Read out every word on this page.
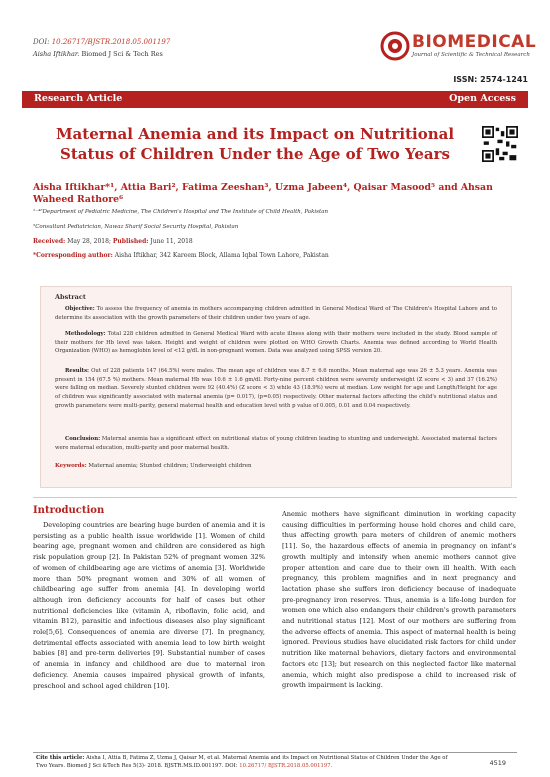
DOI: 10.26717/BJSTR.2018.05.001197
Aisha Iftikhar. Biomed J Sci & Tech Res
BIOMEDICAL
Journal of Scientific & Technical Research
ISSN: 2574-1241
Research Article	Open Access
Maternal Anemia and its Impact on Nutritional Status of Children Under the Age of Two Years
Aisha Iftikhar*¹, Attia Bari², Fatima Zeeshan³, Uzma Jabeen⁴, Qaisar Masood⁵ and Ahsan Waheed Rathore⁶
¹⁻⁴⁶Department of Pediatric Medicine, The Children's Hospital and The Institute of Child Health, Pakistan
⁵Consultant Pediatrician, Nawaz Sharif Social Security Hospital, Pakistan
Received: May 28, 2018; Published: June 11, 2018
*Corresponding author: Aisha Iftikhar, 342 Kareem Block, Allama Iqbal Town Lahore, Pakistan
Abstract
Objective: To assess the frequency of anemia in mothers accompanying children admitted in General Medical Ward of The Children's Hospital Lahore and to determine its association with the growth parameters of their children under two years of age.
Methodology: Total 228 children admitted in General Medical Ward with acute illness along with their mothers were included in the study. Blood sample of their mothers for Hb level was taken. Height and weight of children were plotted on WHO Growth Charts. Anemia was defined according to World Health Organization (WHO) as hemoglobin level of <12 g/dL in non-pregnant women. Data was analyzed using SPSS version 20.
Results: Out of 228 patients 147 (64.5%) were males. The mean age of children was 8.7 ± 6.6 months. Mean maternal age was 26 ± 5.3 years. Anemia was present in 154 (67.5 %) mothers. Mean maternal Hb was 10.6 ± 1.6 gm/dl. Forty-nine percent children were severely underweight (Z score < 3) and 37 (16.2%) were falling on median. Severely stunted children were 92 (40.4%) (Z score < 3) while 43 (18.9%) were at median. Low weight for age and Length/Height for age of children was significantly associated with maternal anemia (p= 0.017), (p=0.05) respectively. Other maternal factors affecting the child's nutritional status and growth parameters were multi-parity, general maternal health and education level with p value of 0.005, 0.01 and 0.04 respectively.
Conclusion: Maternal anemia has a significant effect on nutritional status of young children leading to stunting and underweight. Associated maternal factors were maternal education, multi-parity and poor maternal health.
Keywords: Maternal anemia; Stunted children; Underweight children
Introduction
Developing countries are bearing huge burden of anemia and it is persisting as a public health issue worldwide [1]. Women of child bearing age, pregnant women and children are considered as high risk population group [2]. In Pakistan 52% of pregnant women 32% of women of childbearing age are victims of anemia [3]. Worldwide more than 50% pregnant women and 30% of all women of childbearing age suffer from anemia [4]. In developing world although iron deficiency accounts for half of cases but other nutritional deficiencies like (vitamin A, riboflavin, folic acid, and vitamin B12), parasitic and infectious diseases also play significant role[5,6]. Consequences of anemia are diverse [7]. In pregnancy, detrimental effects associated with anemia lead to low birth weight babies [8] and pre-term deliveries [9]. Substantial number of cases of anemia in infancy and childhood are due to maternal iron deficiency. Anemia causes impaired physical growth of infants, preschool and school aged children [10].
Anemic mothers have significant diminution in working capacity causing difficulties in performing house hold chores and child care, thus affecting growth para meters of children of anemic mothers [11]. So, the hazardous effects of anemia in pregnancy on infant's growth multiply and intensify when anemic mothers cannot give proper attention and care due to their own ill health. With each pregnancy, this problem magnifies and in next pregnancy and lactation phase she suffers iron deficiency because of inadequate pre-pregnancy iron reserves. Thus, anemia is a life-long burden for women one which also endangers their children's growth parameters and nutritional status [12]. Most of our mothers are suffering from the adverse effects of anemia. This aspect of maternal health is being ignored. Previous studies have elucidated risk factors for child under nutrition like maternal behaviors, dietary factors and environmental factors etc [13]; but research on this neglected factor like maternal anemia, which might also predispose a child to increased risk of growth impairment is lacking.
Cite this article: Aisha I, Attia B, Fatima Z, Uzma J, Qaisar M, et al. Maternal Anemia and its Impact on Nutritional Status of Children Under the Age of Two Years. Biomed J Sci &Tech Res 5(3)- 2018. BJSTR.MS.ID.001197. DOI: 10.26717/ BJSTR.2018.05.001197.	4519
